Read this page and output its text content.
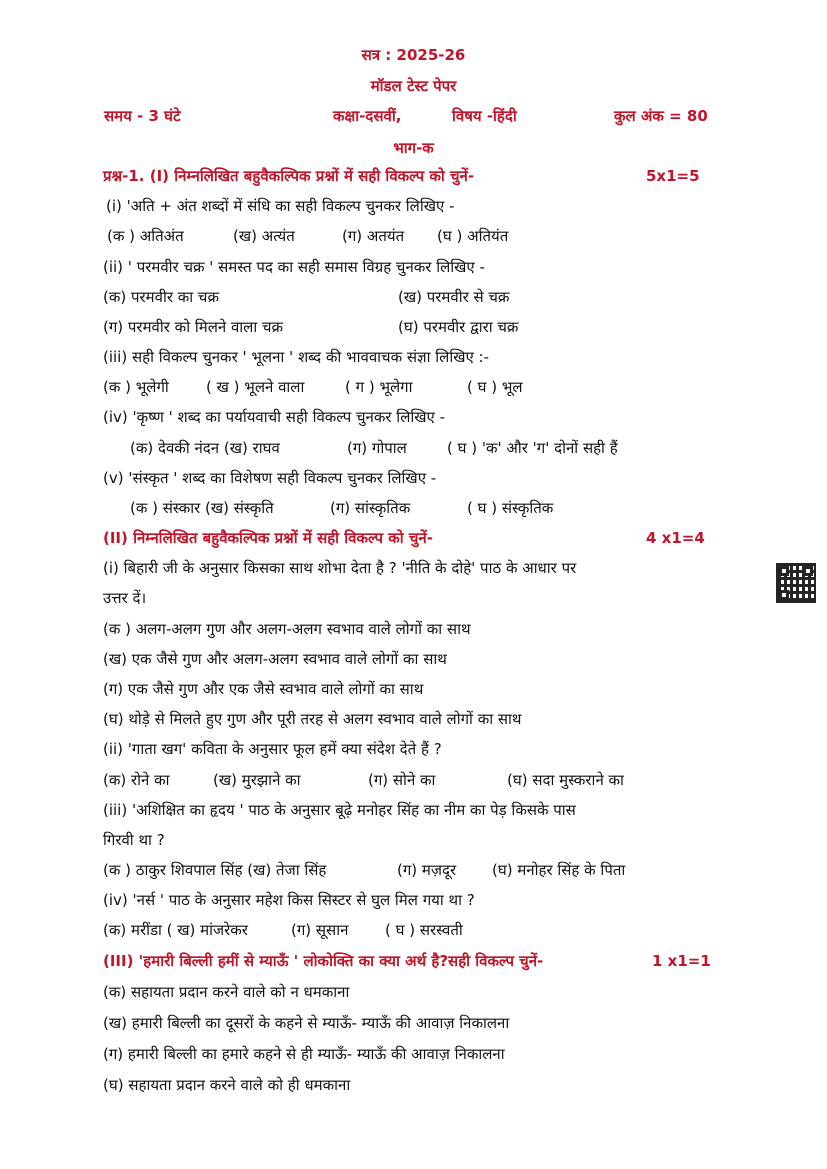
सत्र : 2025-26
मॉडल टेस्ट पेपर
समय - 3 घंटे	कक्षा-दसवीं,	विषय -हिंदी	कुल अंक = 80
भाग-क
प्रश्न-1. (I) निम्नलिखित बहुवैकल्पिक प्रश्नों में सही विकल्प को चुनें-	5x1=5
(i) 'अति + अंत शब्दों में संधि का सही विकल्प चुनकर लिखिए -
(क ) अतिअंत	(ख) अत्यंत	(ग) अतयंत (घ ) अतियंत
(ii) ' परमवीर चक्र ' समस्त पद का सही समास विग्रह चुनकर लिखिए -
(क) परमवीर का चक्र	(ख) परमवीर से चक्र
(ग) परमवीर को मिलने वाला चक्र	(घ) परमवीर द्वारा चक्र
(iii) सही विकल्प चुनकर ' भूलना ' शब्द की भाववाचक संज्ञा लिखिए :-
(क ) भूलेगी ( ख ) भूलने वाला	( ग ) भूलेगा	( घ ) भूल
(iv) 'कृष्ण ' शब्द का पर्यायवाची सही विकल्प चुनकर लिखिए -
(क) देवकी नंदन (ख) राघव	(ग) गोपाल	( घ ) 'क' और 'ग' दोनों सही हैं
(v) 'संस्कृत ' शब्द का विशेषण सही विकल्प चुनकर लिखिए -
(क ) संस्कार (ख) संस्कृति	(ग) सांस्कृतिक	( घ ) संस्कृतिक
(II) निम्नलिखित बहुवैकल्पिक प्रश्नों में सही विकल्प को चुनें-	4 x1=4
(i) बिहारी जी के अनुसार किसका साथ शोभा देता है ? 'नीति के दोहे' पाठ के आधार पर
उत्तर दें।
(क ) अलग-अलग गुण और अलग-अलग स्वभाव वाले लोगों का साथ
(ख) एक जैसे गुण और अलग-अलग स्वभाव वाले लोगों का साथ
(ग) एक जैसे गुण और एक जैसे स्वभाव वाले लोगों का साथ
(घ) थोड़े से मिलते हुए गुण और पूरी तरह से अलग स्वभाव वाले लोगों का साथ
(ii) 'गाता खग' कविता के अनुसार फूल हमें क्या संदेश देते हैं ?
(क) रोने का	(ख) मुरझाने का	(ग) सोने का	(घ) सदा मुस्कराने का
(iii) 'अशिक्षित का हृदय ' पाठ के अनुसार बूढ़े मनोहर सिंह का नीम का पेड़ किसके पास
गिरवी था ?
(क ) ठाकुर शिवपाल सिंह (ख) तेजा सिंह	(ग) मज़दूर (घ) मनोहर सिंह के पिता
(iv) 'नर्स ' पाठ के अनुसार महेश किस सिस्टर से घुल मिल गया था ?
(क) मरींडा ( ख) मांजरेकर	(ग) सूसान ( घ ) सरस्वती
(III) 'हमारी बिल्ली हमीं से म्याऊँ ' लोकोक्ति का क्या अर्थ है?सही विकल्प चुनें-	1 x1=1
(क) सहायता प्रदान करने वाले को न धमकाना
(ख) हमारी बिल्ली का दूसरों के कहने से म्याऊँ- म्याऊँ की आवाज़ निकालना
(ग) हमारी बिल्ली का हमारे कहने से ही म्याऊँ- म्याऊँ की आवाज़ निकालना
(घ) सहायता प्रदान करने वाले को ही धमकाना
